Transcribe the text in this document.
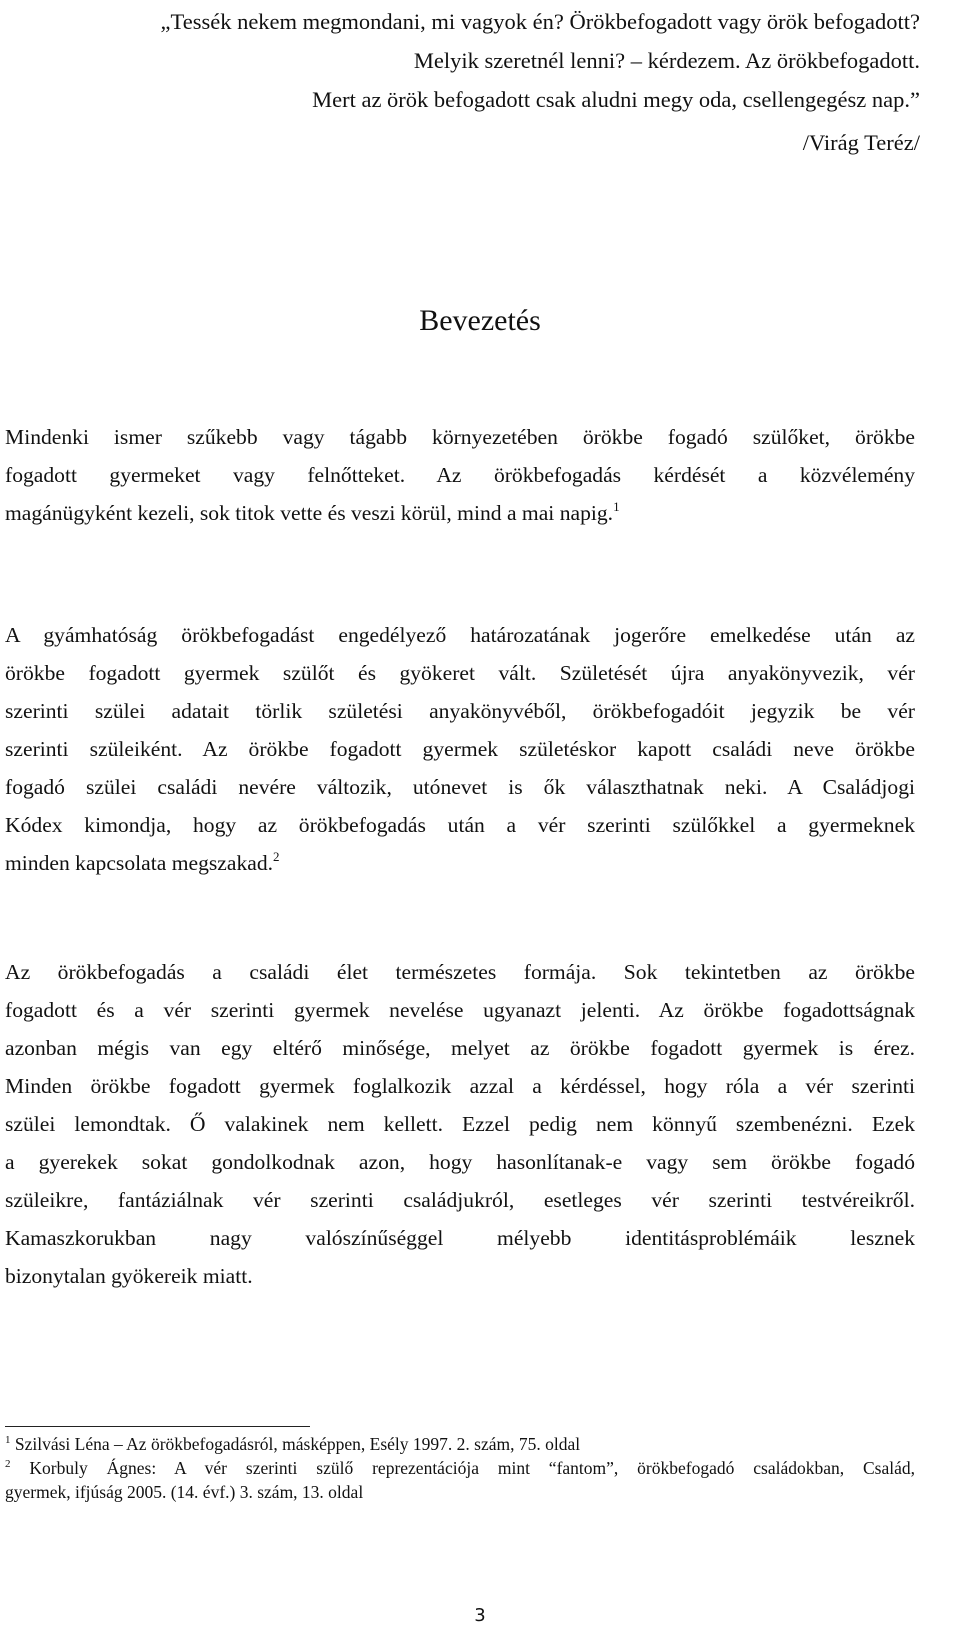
„Tessék nekem megmondani, mi vagyok én? Örökbefogadott vagy örök befogadott?
Melyik szeretnél lenni? – kérdezem. Az örökbefogadott.
Mert az örök befogadott csak aludni megy oda, csellengegész nap.”
/Virág Teréz/
Bevezetés
Mindenki ismer szűkebb vagy tágabb környezetében örökbe fogadó szülőket, örökbe
fogadott gyermeket vagy felnőtteket. Az örökbefogadás kérdését a közvélemény
magánügyként kezeli, sok titok vette és veszi körül, mind a mai napig.$^1$
A gyámhatóság örökbefogadást engedélyező határozatának jogerőre emelkedése után az
örökbe fogadott gyermek szülőt és gyökeret vált. Születését újra anyakönyvezik, vér
szerinti szülei adatait törlik születési anyakönyvéből, örökbefogadóit jegyzik be vér
szerinti szüleiként. Az örökbe fogadott gyermek születéskor kapott családi neve örökbe
fogadó szülei családi nevére változik, utónevet is ők választhatnak neki. A Családjogi
Kódex kimondja, hogy az örökbefogadás után a vér szerinti szülőkkel a gyermeknek
minden kapcsolata megszakad.$^2$
Az örökbefogadás a családi élet természetes formája. Sok tekintetben az örökbe
fogadott és a vér szerinti gyermek nevelése ugyanazt jelenti. Az örökbe fogadottságnak
azonban mégis van egy eltérő minősége, melyet az örökbe fogadott gyermek is érez.
Minden örökbe fogadott gyermek foglalkozik azzal a kérdéssel, hogy róla a vér szerinti
szülei lemondtak. Ő valakinek nem kellett. Ezzel pedig nem könnyű szembenézni. Ezek
a gyerekek sokat gondolkodnak azon, hogy hasonlítanak-e vagy sem örökbe fogadó
szüleikre, fantáziálnak vér szerinti családjukról, esetleges vér szerinti testvéreikről.
Kamaszkorukban nagy valószínűséggel mélyebb identitásproblémáik lesznek
bizonytalan gyökereik miatt.
$^1$ Szilvási Léna – Az örökbefogadásról, másképpen, Esély 1997. 2. szám, 75. oldal
$^2$ Korbuly Ágnes: A vér szerinti szülő reprezentációja mint “fantom”, örökbefogadó családokban, Család,
gyermek, ifjúság 2005. (14. évf.) 3. szám, 13. oldal
3
